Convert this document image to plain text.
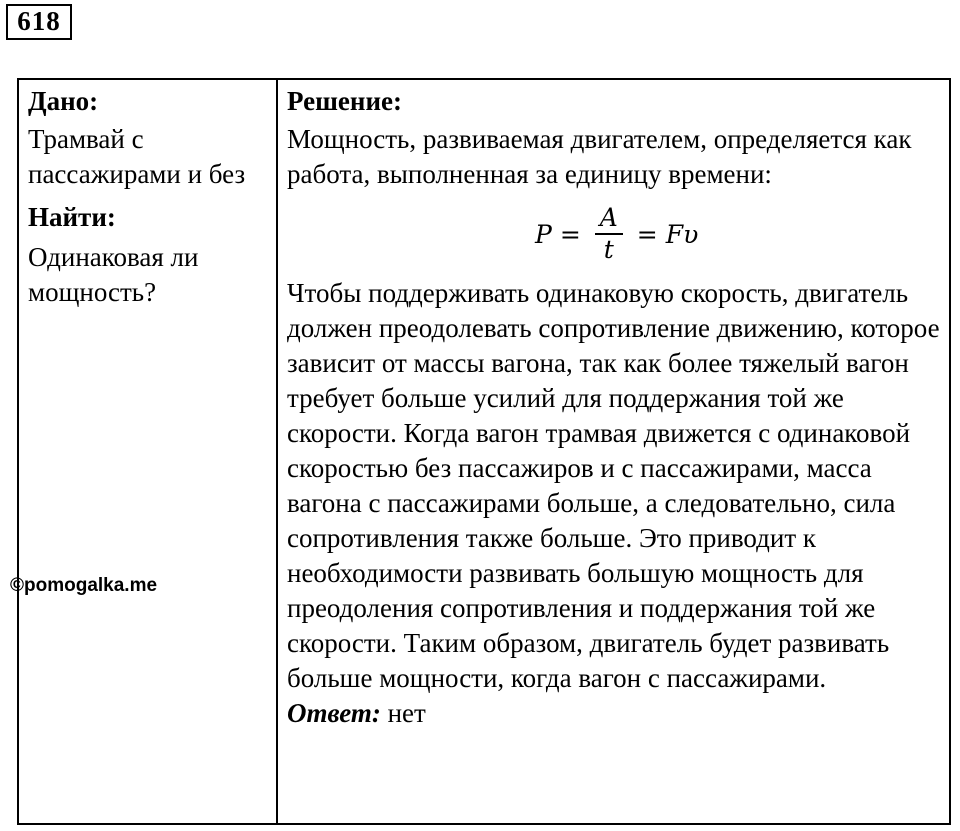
618

Дано:

Трамвай с пассажирами и без

Найти:

Одинаковая ли мощность?

Решение:

Мощность, развиваемая двигателем, определяется как работа, выполненная за единицу времени:

$P = \frac{A}{t} = F\upsilon$

Чтобы поддерживать одинаковую скорость, двигатель должен преодолевать сопротивление движению, которое зависит от массы вагона, так как более тяжелый вагон требует больше усилий для поддержания той же скорости. Когда вагон трамвая движется с одинаковой скоростью без пассажиров и с пассажирами, масса вагона с пассажирами больше, а следовательно, сила сопротивления также больше. Это приводит к необходимости развивать большую мощность для преодоления сопротивления и поддержания той же скорости. Таким образом, двигатель будет развивать больше мощности, когда вагон с пассажирами.

Ответ: нет

©pomogalka.me
